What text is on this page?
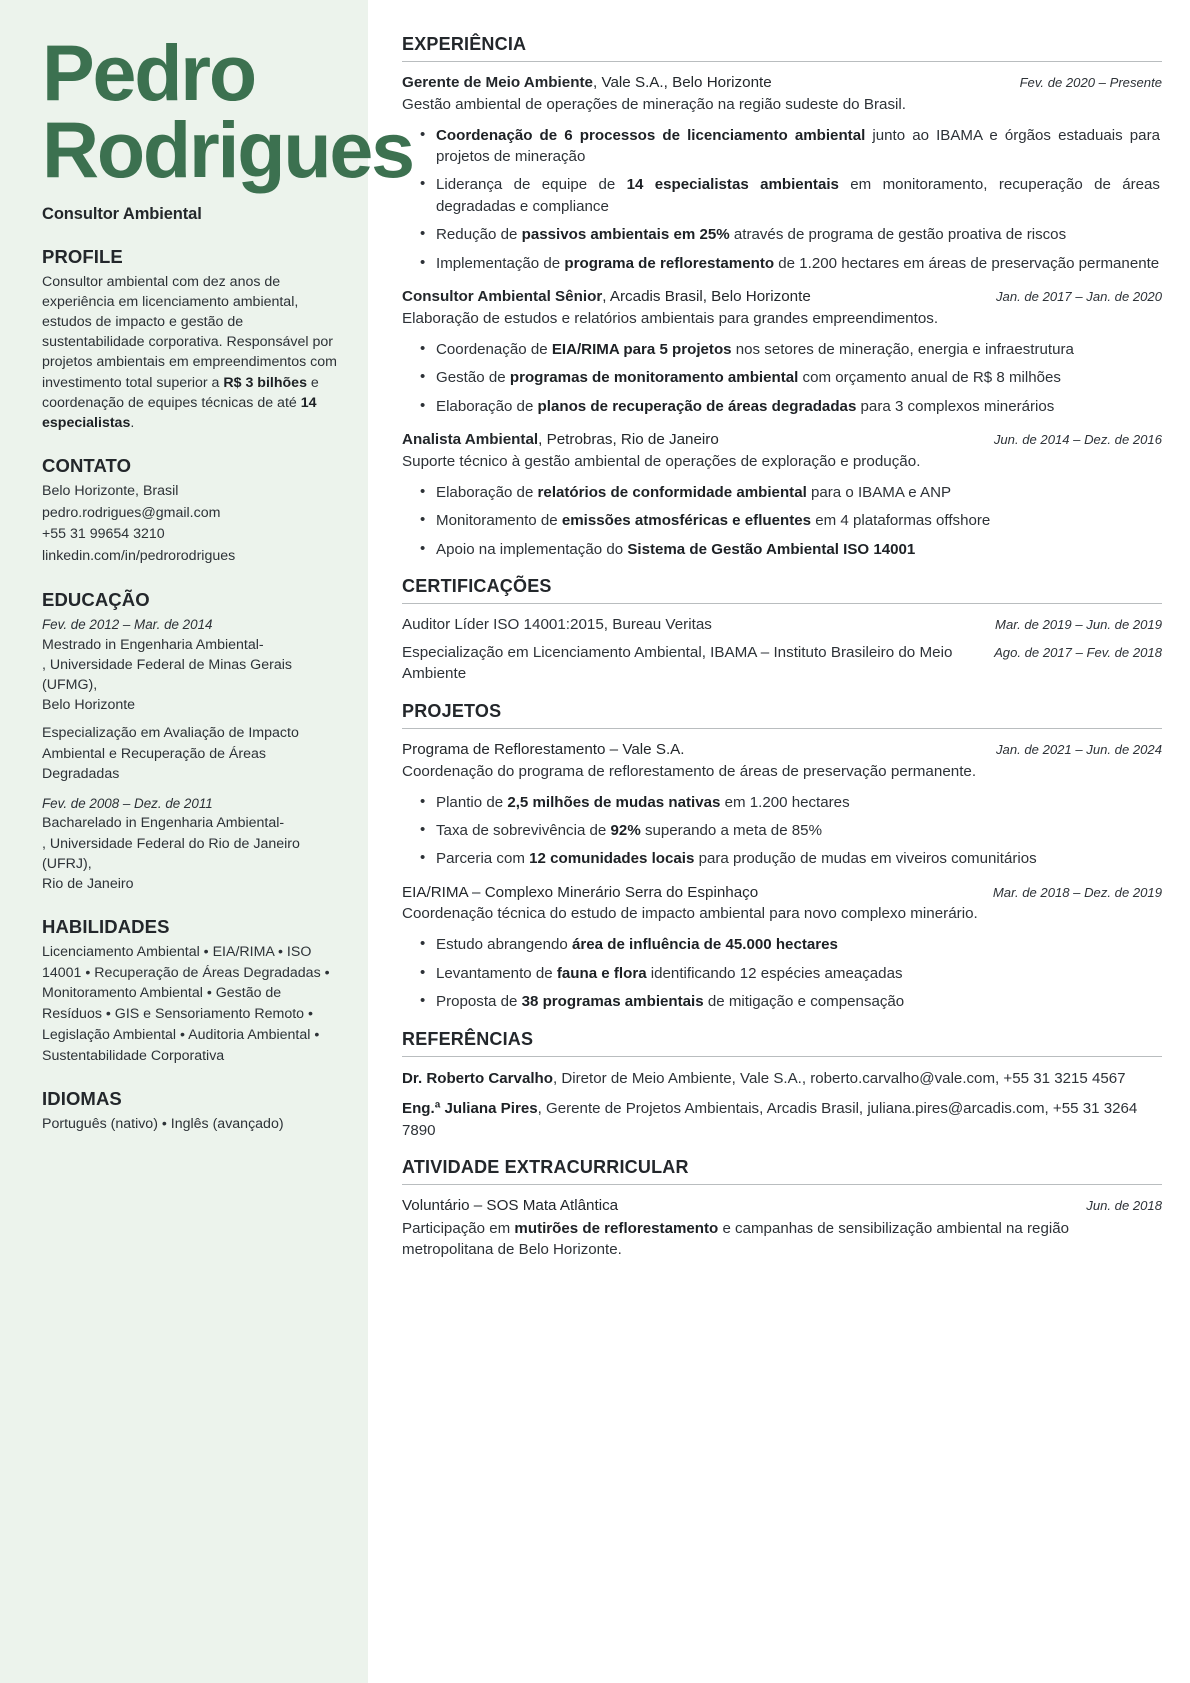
Pedro
Rodrigues
Consultor Ambiental
PROFILE

Consultor ambiental com dez anos de experiência em licenciamento ambiental, estudos de impacto e gestão de sustentabilidade corporativa. Responsável por projetos ambientais em empreendimentos com investimento total superior a R$ 3 bilhões e coordenação de equipes técnicas de até 14 especialistas.

CONTATO
Belo Horizonte, Brasil
pedro.rodrigues@gmail.com
+55 31 99654 3210
linkedin.com/in/pedrorodrigues
EDUCAÇÃO
Fev. de 2012 – Mar. de 2014
Mestrado in Engenharia Ambiental-
, Universidade Federal de Minas Gerais (UFMG),
Belo Horizonte
Especialização em Avaliação de Impacto Ambiental e Recuperação de Áreas Degradadas
Fev. de 2008 – Dez. de 2011
Bacharelado in Engenharia Ambiental-
, Universidade Federal do Rio de Janeiro (UFRJ),
Rio de Janeiro
HABILIDADES
Licenciamento Ambiental • EIA/RIMA • ISO 14001 • Recuperação de Áreas Degradadas • Monitoramento Ambiental • Gestão de Resíduos • GIS e Sensoriamento Remoto • Legislação Ambiental • Auditoria Ambiental • Sustentabilidade Corporativa
IDIOMAS
Português (nativo) • Inglês (avançado)
EXPERIÊNCIA
Gerente de Meio Ambiente, Vale S.A., Belo Horizonte	Fev. de 2020 – Presente
Gestão ambiental de operações de mineração na região sudeste do Brasil.
• Coordenação de 6 processos de licenciamento ambiental junto ao IBAMA e órgãos estaduais para projetos de mineração
• Liderança de equipe de 14 especialistas ambientais em monitoramento, recuperação de áreas degradadas e compliance
• Redução de passivos ambientais em 25% através de programa de gestão proativa de riscos
• Implementação de programa de reflorestamento de 1.200 hectares em áreas de preservação permanente
Consultor Ambiental Sênior, Arcadis Brasil, Belo Horizonte	Jan. de 2017 – Jan. de 2020
Elaboração de estudos e relatórios ambientais para grandes empreendimentos.
• Coordenação de EIA/RIMA para 5 projetos nos setores de mineração, energia e infraestrutura
• Gestão de programas de monitoramento ambiental com orçamento anual de R$ 8 milhões
• Elaboração de planos de recuperação de áreas degradadas para 3 complexos minerários
Analista Ambiental, Petrobras, Rio de Janeiro	Jun. de 2014 – Dez. de 2016
Suporte técnico à gestão ambiental de operações de exploração e produção.
• Elaboração de relatórios de conformidade ambiental para o IBAMA e ANP
• Monitoramento de emissões atmosféricas e efluentes em 4 plataformas offshore
• Apoio na implementação do Sistema de Gestão Ambiental ISO 14001
CERTIFICAÇÕES
Auditor Líder ISO 14001:2015, Bureau Veritas	Mar. de 2019 – Jun. de 2019
Especialização em Licenciamento Ambiental, IBAMA – Instituto Brasileiro do Meio Ambiente
Ago. de 2017 – Fev. de 2018
PROJETOS
Programa de Reflorestamento – Vale S.A.	Jan. de 2021 – Jun. de 2024
Coordenação do programa de reflorestamento de áreas de preservação permanente.
• Plantio de 2,5 milhões de mudas nativas em 1.200 hectares
• Taxa de sobrevivência de 92% superando a meta de 85%
• Parceria com 12 comunidades locais para produção de mudas em viveiros comunitários
EIA/RIMA – Complexo Minerário Serra do Espinhaço	Mar. de 2018 – Dez. de 2019
Coordenação técnica do estudo de impacto ambiental para novo complexo minerário.
• Estudo abrangendo área de influência de 45.000 hectares
• Levantamento de fauna e flora identificando 12 espécies ameaçadas
• Proposta de 38 programas ambientais de mitigação e compensação
REFERÊNCIAS
Dr. Roberto Carvalho, Diretor de Meio Ambiente, Vale S.A., roberto.carvalho@vale.com, +55 31 3215 4567
Eng.ª Juliana Pires, Gerente de Projetos Ambientais, Arcadis Brasil, juliana.pires@arcadis.com, +55 31 3264 7890
ATIVIDADE EXTRACURRICULAR
Voluntário – SOS Mata Atlântica	Jun. de 2018
Participação em mutirões de reflorestamento e campanhas de sensibilização ambiental na região metropolitana de Belo Horizonte.
